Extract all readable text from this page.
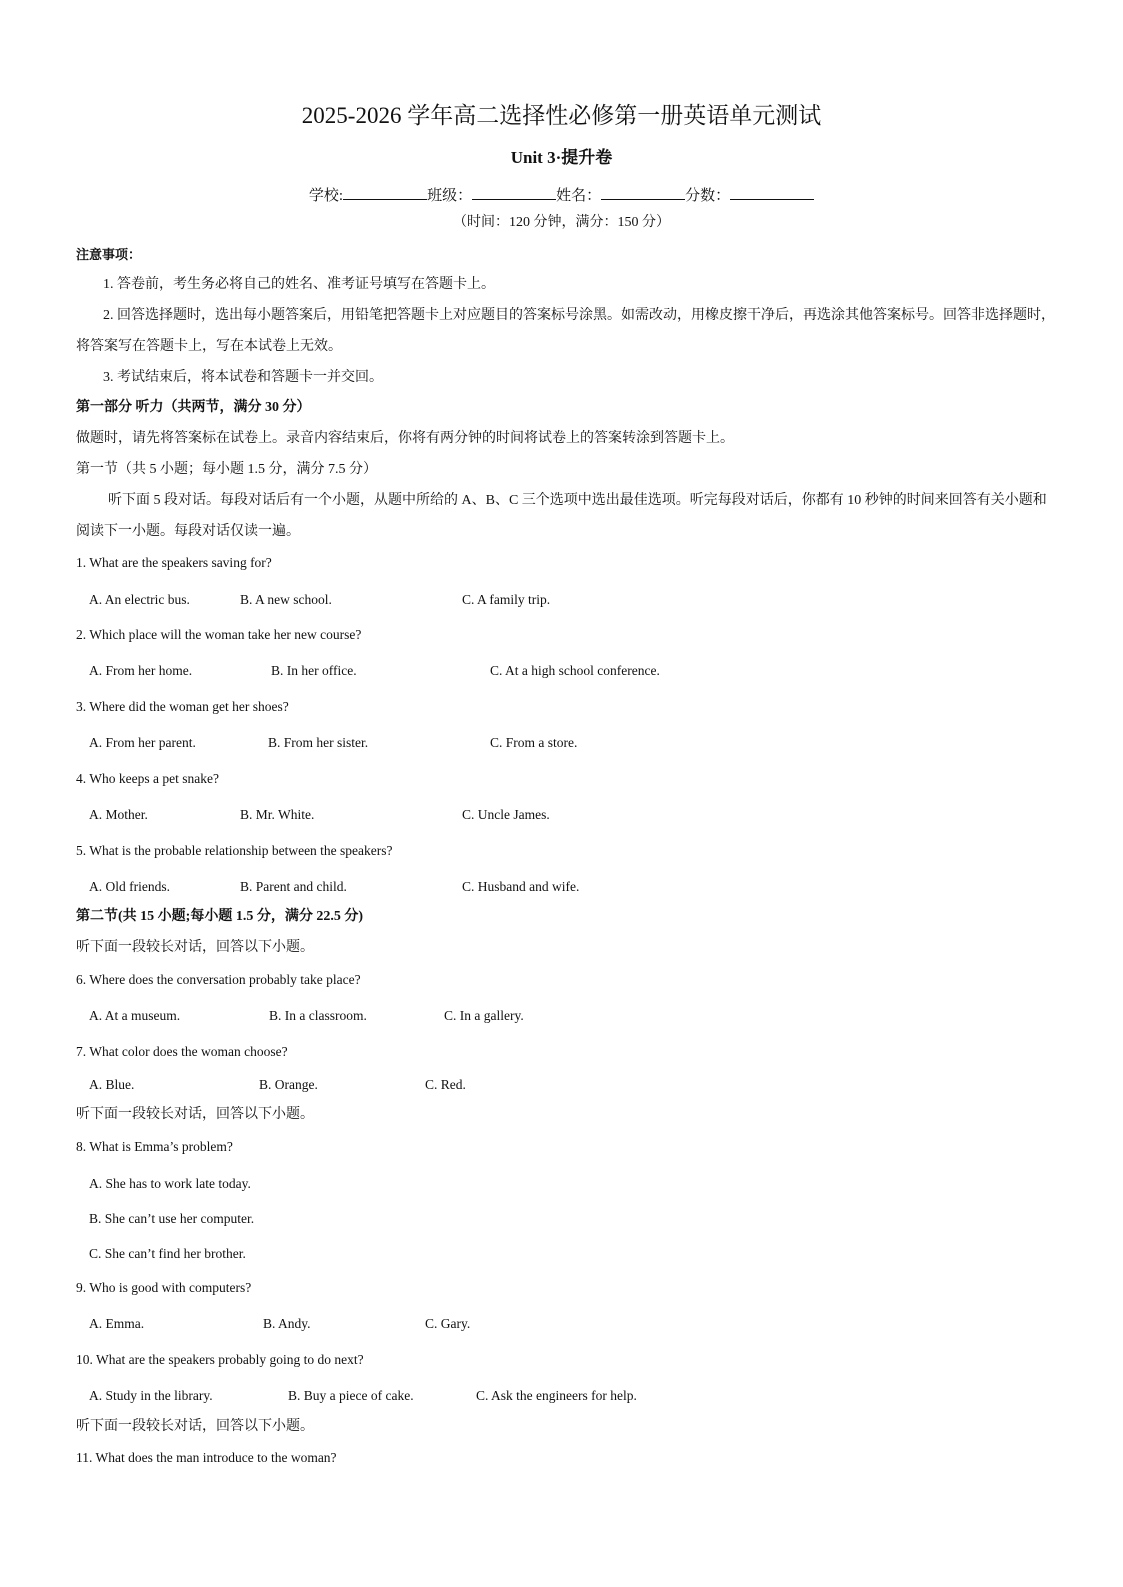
2025-2026 学年高二选择性必修第一册英语单元测试
Unit 3·提升卷
学校:	班级：	姓名：	分数：
（时间：120 分钟，满分：150 分）
注意事项：
1. 答卷前，考生务必将自己的姓名、准考证号填写在答题卡上。
2. 回答选择题时，选出每小题答案后，用铅笔把答题卡上对应题目的答案标号涂黑。如需改动，用橡皮擦干净后，再选涂其他答案标号。回答非选择题时，
将答案写在答题卡上，写在本试卷上无效。
3. 考试结束后，将本试卷和答题卡一并交回。
第一部分 听力（共两节，满分 30 分）
做题时，请先将答案标在试卷上。录音内容结束后，你将有两分钟的时间将试卷上的答案转涂到答题卡上。
第一节（共 5 小题；每小题 1.5 分，满分 7.5 分）
听下面 5 段对话。每段对话后有一个小题，从题中所给的 A、B、C 三个选项中选出最佳选项。听完每段对话后，你都有 10 秒钟的时间来回答有关小题和
阅读下一小题。每段对话仅读一遍。
1. What are the speakers saving for?
A. An electric bus.	B. A new school.	C. A family trip.
2. Which place will the woman take her new course?
A. From her home.	B. In her office.	C. At a high school conference.
3. Where did the woman get her shoes?
A. From her parent.	B. From her sister.	C. From a store.
4. Who keeps a pet snake?
A. Mother.	B. Mr. White.	C. Uncle James.
5. What is the probable relationship between the speakers?
A. Old friends.	B. Parent and child.	C. Husband and wife.
第二节(共 15 小题;每小题 1.5 分，满分 22.5 分)
听下面一段较长对话，回答以下小题。
6. Where does the conversation probably take place?
A. At a museum.	B. In a classroom.	C. In a gallery.
7. What color does the woman choose?
A. Blue.	B. Orange.	C. Red.
听下面一段较长对话，回答以下小题。
8. What is Emma’s problem?
A. She has to work late today.
B. She can’t use her computer.
C. She can’t find her brother.
9. Who is good with computers?
A. Emma.	B. Andy.	C. Gary.
10. What are the speakers probably going to do next?
A. Study in the library.	B. Buy a piece of cake.	C. Ask the engineers for help.
听下面一段较长对话，回答以下小题。
11. What does the man introduce to the woman?
